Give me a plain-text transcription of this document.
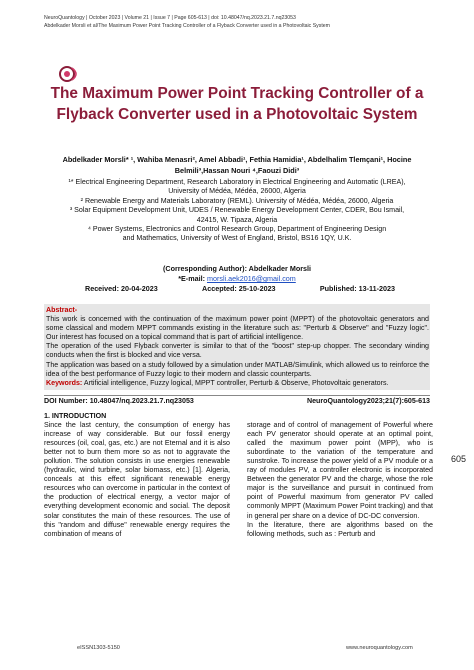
NeuroQuantology | October 2023 | Volume 21 | Issue 7 | Page 605-613 | doi: 10.48047/nq.2023.21.7.nq23053
Abdelkader Morsli et al/The Maximum Power Point Tracking Controller of a Flyback Converter used in a Photovoltaic System
The Maximum Power Point Tracking Controller of a Flyback Converter used in a Photovoltaic System
Abdelkader Morsli* ¹, Wahiba Menasri², Amel Abbadi¹, Fethia Hamidia¹, Abdelhalim Tlemçani¹, Hocine
Belmili³,Hassan Nouri ⁴,Faouzi Didi³
¹* Electrical Engineering Department, Research Laboratory in Electrical Engineering and Automatic (LREA),
University of Médéa, Médéa, 26000, Algeria
² Renewable Energy and Materials Laboratory (REML). University of Médéa, Médéa, 26000, Algeria
³ Solar Equipment Development Unit, UDES / Renewable Energy Development Center, CDER, Bou Ismail,
42415, W. Tipaza, Algeria
⁴ Power Systems, Electronics and Control Research Group, Department of Engineering Design
and Mathematics, University of West of England, Bristol, BS16 1QY, U.K.
(Corresponding Author): Abdelkader Morsli
*E-mail: morsli.aek2016@gmail.com
Received: 20-04-2023	Accepted: 25-10-2023	Published: 13-11-2023

Abstract-

This work is concerned with the continuation of the maximum power point (MPPT) of the photovoltaic generators and some classical and modern MPPT commands existing in the literature such as: "Perturb & Observe" and "Fuzzy logic". Our interest has focused on a topical command that is part of artificial intelligence.

The operation of the used Flyback converter is similar to that of the "boost" step-up chopper. The secondary winding conducts when the first is blocked and vice versa.

The application was based on a study followed by a simulation under MATLAB/Simulink, which allowed us to reinforce the idea of the best performance of Fuzzy logic to their modern and classic counterparts.

Keywords: Artificial intelligence, Fuzzy logical, MPPT controller, Perturb & Observe, Photovoltaic generators.

605
DOI Number: 10.48047/nq.2023.21.7.nq23053	NeuroQuantology2023;21(7):605-613
1. INTRODUCTION
Since the last century, the consumption of energy has increase of way considerable. But our fossil energy resources (oil, coal, gas, etc.) are not Eternal and it is also better not to burn them more so as not to aggravate the pollution. The solution consists in use energies renewable (hydraulic, wind turbine, solar biomass, etc.) [1]. Algeria, conceals at this effect significant renewable energy resources who can overcome in particular in the context of the production of electrical energy, a vector major of everything development economic and social. The deposit solar constitutes the main of these resources. The use of this "random and diffuse" renewable energy requires the combination of means of

storage and of control of management of Powerful where each PV generator should operate at an optimal point, called the maximum power point (MPP), who is subordinate to the variation of the temperature and sunstroke. To increase the power yield of a PV module or a ray of modules PV, a controller electronic is incorporated Between the generator PV and the charge, whose the role major is the surveillance and pursuit in continued from point of Powerful maximum from generator PV called commonly MPPT (Maximum Power Point tracking) and that in general per share on a device of DC-DC conversion.
In the literature, there are algorithms based on the following methods, such as : Perturb and

eISSN1303-5150	www.neuroquantology.com
